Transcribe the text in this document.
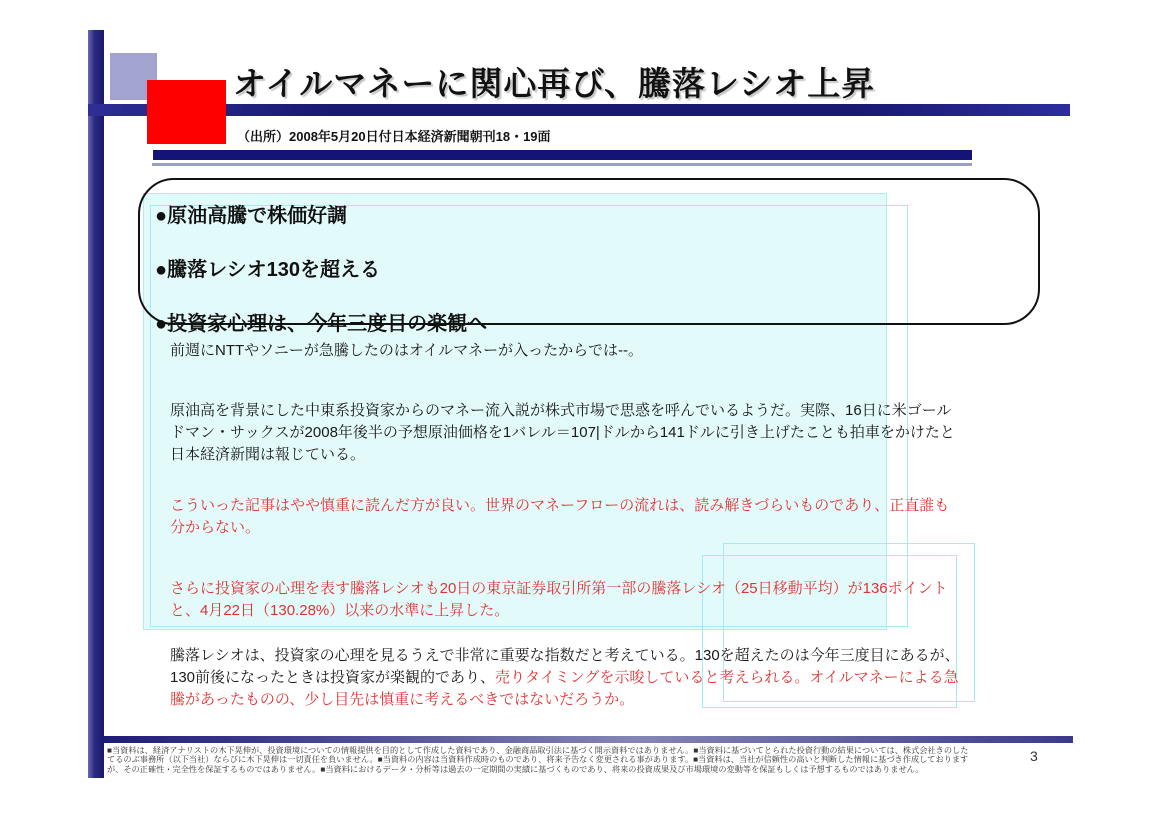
オイルマネーに関心再び、騰落レシオ上昇
（出所）2008年5月20日付日本経済新聞朝刊18・19面
●原油高騰で株価好調
●騰落レシオ130を超える
●投資家心理は、今年三度目の楽観へ
前週にNTTやソニーが急騰したのはオイルマネーが入ったからでは--。
原油高を背景にした中東系投資家からのマネー流入説が株式市場で思惑を呼んでいるようだ。実際、16日に米ゴールドマン・サックスが2008年後半の予想原油価格を1バレル＝107|ドルから141ドルに引き上げたことも拍車をかけたと日本経済新聞は報じている。
こういった記事はやや慎重に読んだ方が良い。世界のマネーフローの流れは、読み解きづらいものであり、正直誰も分からない。
さらに投資家の心理を表す騰落レシオも20日の東京証券取引所第一部の騰落レシオ（25日移動平均）が136ポイントと、4月22日（130.28%）以来の水準に上昇した。
騰落レシオは、投資家の心理を見るうえで非常に重要な指数だと考えている。130を超えたのは今年三度目にあるが、130前後になったときは投資家が楽観的であり、売りタイミングを示唆していると考えられる。オイルマネーによる急騰があったものの、少し目先は慎重に考えるべきではないだろうか。
■当資料は、経済アナリストの木下晃伸が、投資環境についての情報提供を目的として作成した資料であり、金融商品取引法に基づく開示資料ではありません。■当資料に基づいてとられた投資行動の結果については、株式会社きのした
てるのぶ事務所（以下当社）ならびに木下晃伸は一切責任を負いません。■当資料の内容は当資料作成時のものであり、将来予告なく変更される事があります。■当資料は、当社が信頼性の高いと判断した情報に基づき作成しております
が、その正確性・完全性を保証するものではありません。■当資料におけるデータ・分析等は過去の一定期間の実績に基づくものであり、将来の投資成果及び市場環境の変動等を保証もしくは予想するものではありません。
3
